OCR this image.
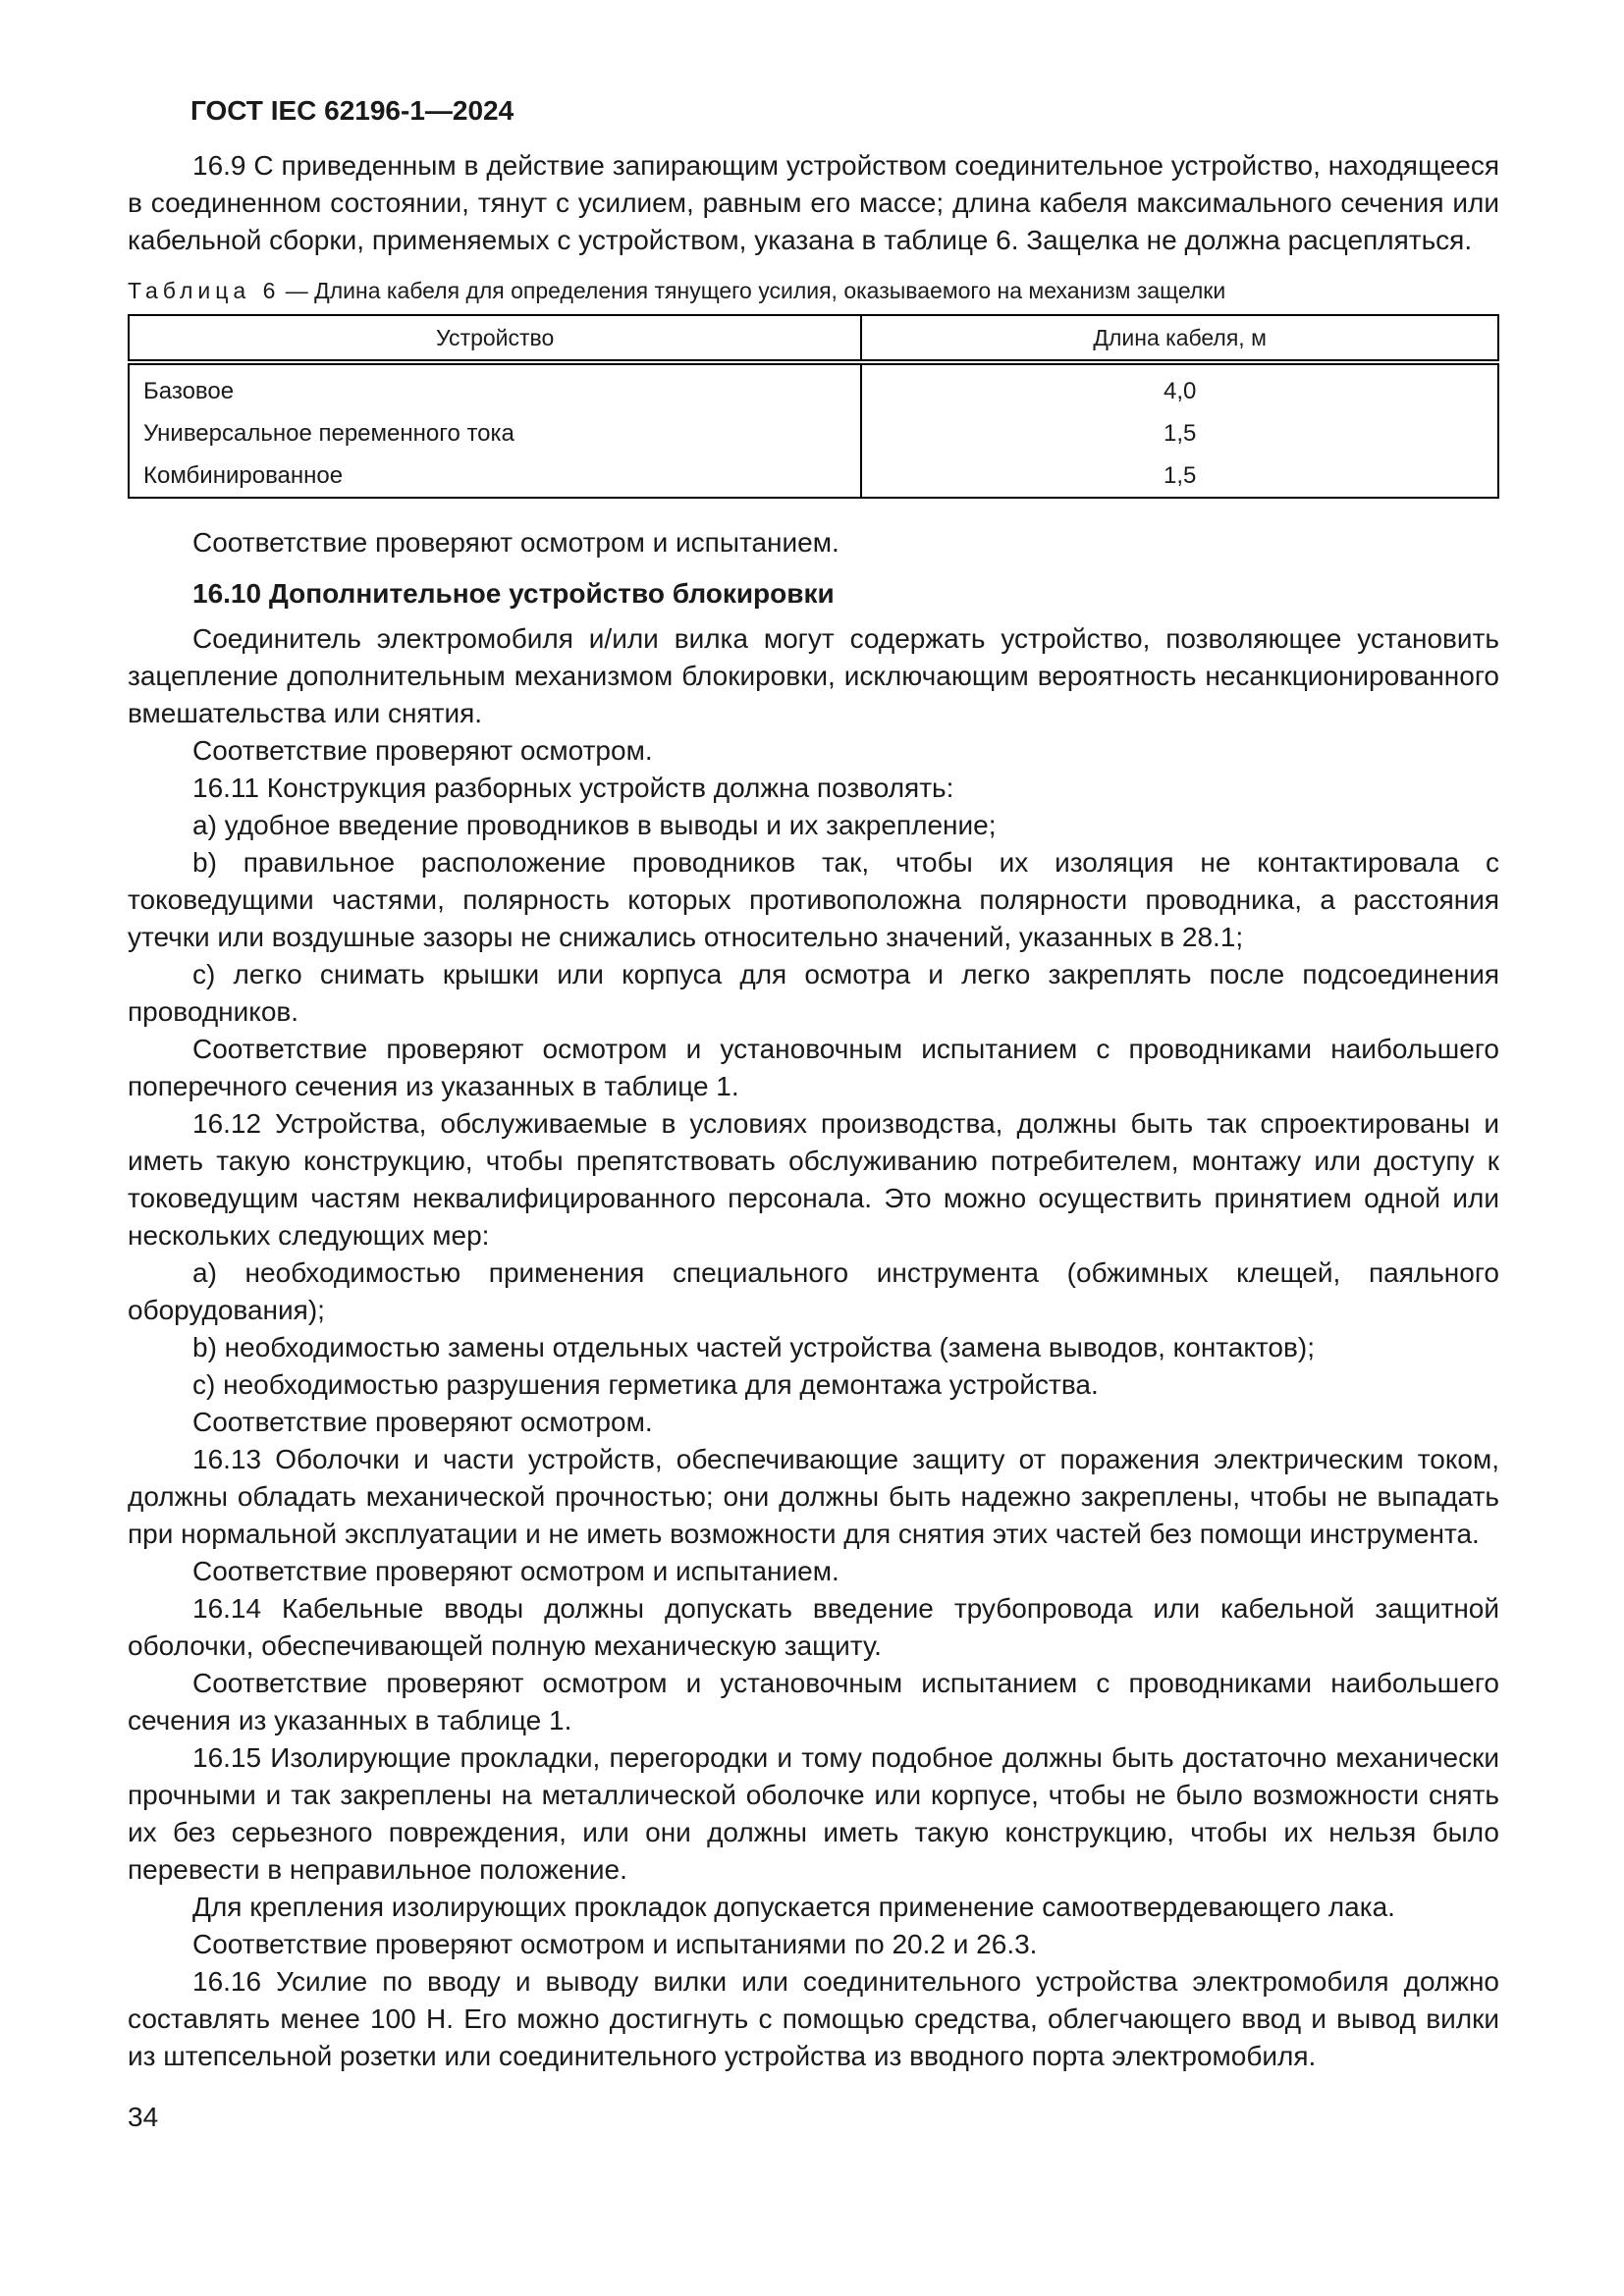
ГОСТ IEC 62196-1—2024

16.9 С приведенным в действие запирающим устройством соединительное устройство, находящееся в соединенном состоянии, тянут с усилием, равным его массе; длина кабеля максимального сечения или кабельной сборки, применяемых с устройством, указана в таблице 6. Защелка не должна расцепляться.

Таблица 6 — Длина кабеля для определения тянущего усилия, оказываемого на механизм защелки
Устройство	Длина кабеля, м
Базовое	4,0
Универсальное переменного тока	1,5
Комбинированное	1,5

Соответствие проверяют осмотром и испытанием.

16.10 Дополнительное устройство блокировки

Соединитель электромобиля и/или вилка могут содержать устройство, позволяющее установить зацепление дополнительным механизмом блокировки, исключающим вероятность несанкционированного вмешательства или снятия.

Соответствие проверяют осмотром.

16.11 Конструкция разборных устройств должна позволять:

a) удобное введение проводников в выводы и их закрепление;

b) правильное расположение проводников так, чтобы их изоляция не контактировала с токоведущими частями, полярность которых противоположна полярности проводника, а расстояния утечки или воздушные зазоры не снижались относительно значений, указанных в 28.1;

c) легко снимать крышки или корпуса для осмотра и легко закреплять после подсоединения проводников.

Соответствие проверяют осмотром и установочным испытанием с проводниками наибольшего поперечного сечения из указанных в таблице 1.

16.12 Устройства, обслуживаемые в условиях производства, должны быть так спроектированы и иметь такую конструкцию, чтобы препятствовать обслуживанию потребителем, монтажу или доступу к токоведущим частям неквалифицированного персонала. Это можно осуществить принятием одной или нескольких следующих мер:

a) необходимостью применения специального инструмента (обжимных клещей, паяльного оборудования);

b) необходимостью замены отдельных частей устройства (замена выводов, контактов);

c) необходимостью разрушения герметика для демонтажа устройства.

Соответствие проверяют осмотром.

16.13 Оболочки и части устройств, обеспечивающие защиту от поражения электрическим током, должны обладать механической прочностью; они должны быть надежно закреплены, чтобы не выпадать при нормальной эксплуатации и не иметь возможности для снятия этих частей без помощи инструмента.

Соответствие проверяют осмотром и испытанием.

16.14 Кабельные вводы должны допускать введение трубопровода или кабельной защитной оболочки, обеспечивающей полную механическую защиту.

Соответствие проверяют осмотром и установочным испытанием с проводниками наибольшего сечения из указанных в таблице 1.

16.15 Изолирующие прокладки, перегородки и тому подобное должны быть достаточно механически прочными и так закреплены на металлической оболочке или корпусе, чтобы не было возможности снять их без серьезного повреждения, или они должны иметь такую конструкцию, чтобы их нельзя было перевести в неправильное положение.

Для крепления изолирующих прокладок допускается применение самоотвердевающего лака.

Соответствие проверяют осмотром и испытаниями по 20.2 и 26.3.

16.16 Усилие по вводу и выводу вилки или соединительного устройства электромобиля должно составлять менее 100 Н. Его можно достигнуть с помощью средства, облегчающего ввод и вывод вилки из штепсельной розетки или соединительного устройства из вводного порта электромобиля.

34
